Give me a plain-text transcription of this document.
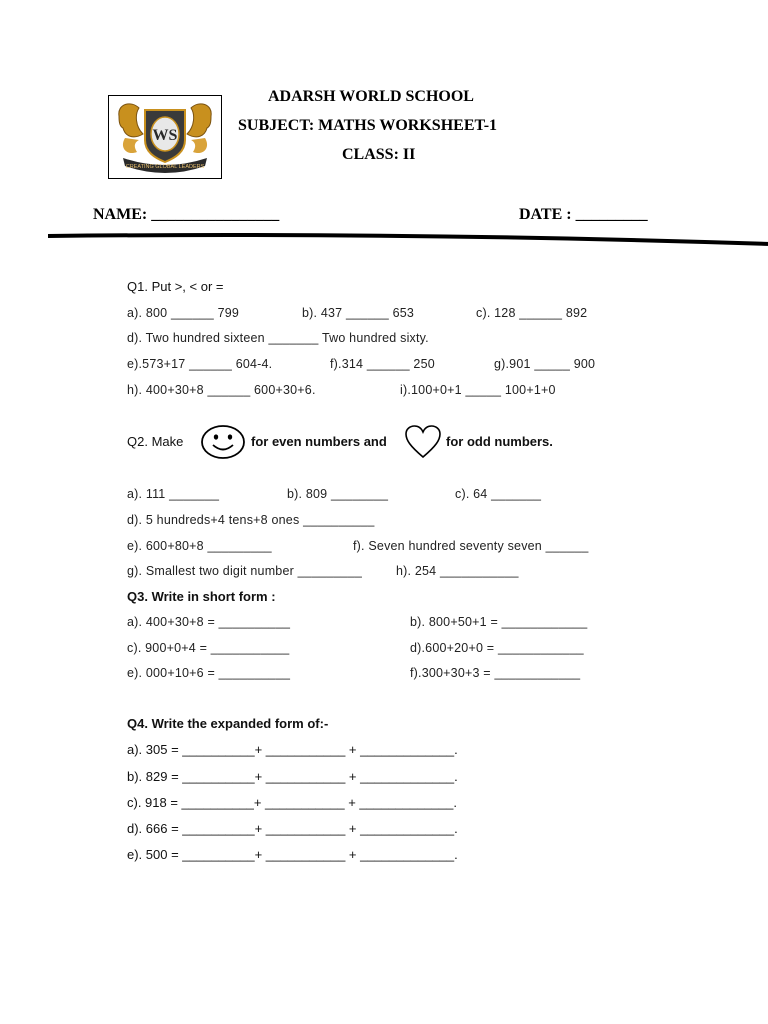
WS
CREATING GLOBAL LEADERS
ADARSH WORLD SCHOOL
SUBJECT: MATHS WORKSHEET-1
CLASS: II
NAME: ________________	DATE : _________
Q1. Put >, < or =
a). 800 ______ 799	b). 437 ______ 653	c). 128 ______ 892
d). Two hundred sixteen _______ Two hundred sixty.
e).573+17 ______ 604-4.	f).314 ______ 250	g).901 _____ 900
h). 400+30+8 ______ 600+30+6.	i).100+0+1 _____ 100+1+0
Q2. Make	for even numbers and	for odd numbers.
a). 111 _______	b). 809 ________	c). 64 _______
d). 5 hundreds+4 tens+8 ones __________
e). 600+80+8 _________	f). Seven hundred seventy seven ______
g). Smallest two digit number _________	h). 254 ___________
Q3. Write in short form :
a). 400+30+8 = __________	b). 800+50+1 = ____________
c). 900+0+4 = ___________	d).600+20+0 = ____________
e). 000+10+6 = __________	f).300+30+3 = ____________
Q4. Write the expanded form of:-
a). 305 = __________+ ___________ + _____________.
b). 829 = __________+ ___________ + _____________.
c). 918 = __________+ ___________ + _____________.
d). 666 = __________+ ___________ + _____________.
e). 500 = __________+ ___________ + _____________.
